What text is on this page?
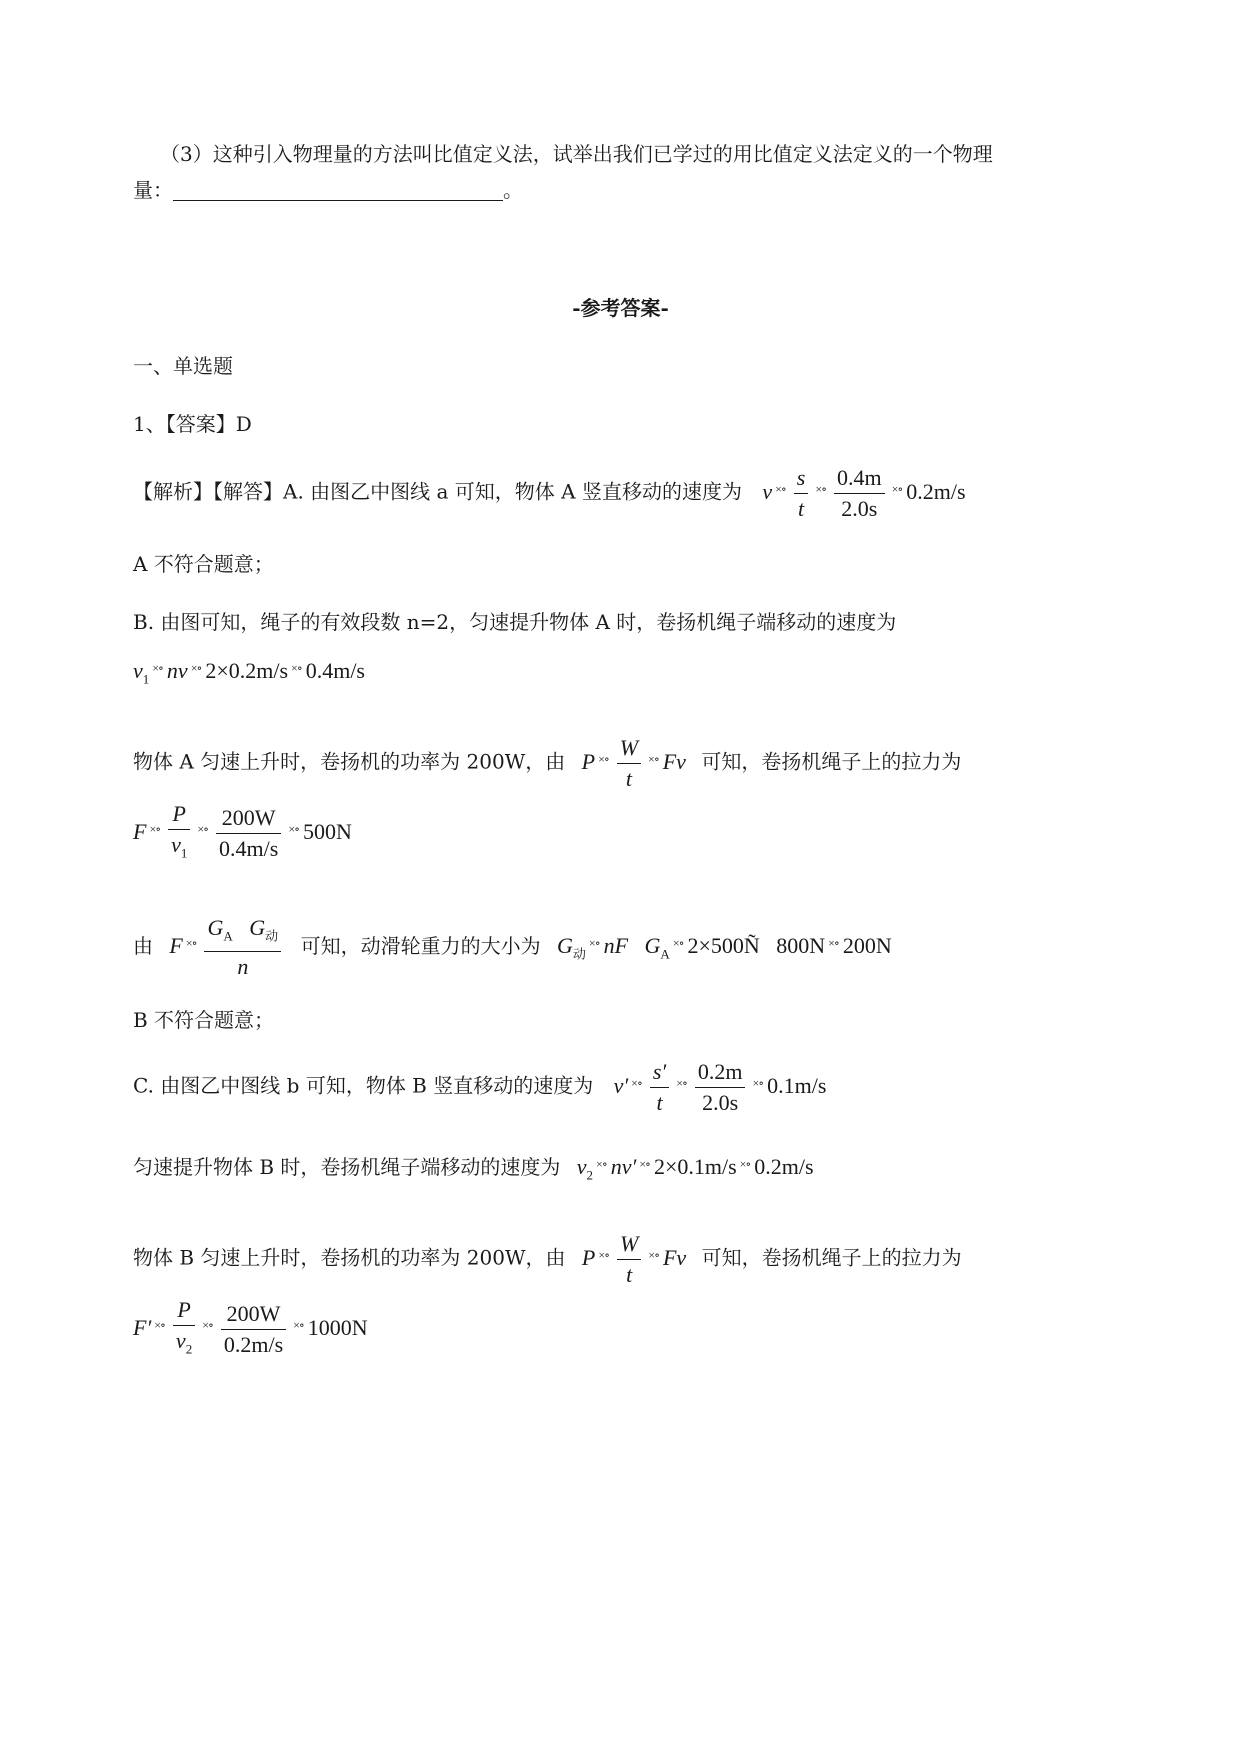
（3）这种引入物理量的方法叫比值定义法，试举出我们已学过的用比值定义法定义的一个物理
量：	。
-参考答案-
一、单选题
1、【答案】D
【解析】【解答】A. 由图乙中图线 a 可知，物体 A 竖直移动的速度为 v $^{\times\circ} \frac{s}{t} ^{\times\circ} \frac{0.4m}{2.0s} ^{\times\circ}$ 0.2m/s
A 不符合题意；
B. 由图可知，绳子的有效段数 n=2，匀速提升物体 A 时，卷扬机绳子端移动的速度为
$v_1^{\times\circ}$ nv ×∘ 2×0.2m/s ×∘ 0.4m/s
物体 A 匀速上升时，卷扬机的功率为 200W，由 P $^{\times\circ} \frac{W}{t} ^{\times\circ}$ Fv 可知，卷扬机绳子上的拉力为
F $^{\times\circ} \frac{P}{v_1} ^{\times\circ} \frac{200W}{0.4m/s} ^{\times\circ}$ 500N
由 F $^{\times\circ} \frac{G_A G_动}{n}$ 可知，动滑轮重力的大小为 $G_动^{\times\circ}$ nF $G_A^{\times\circ}$ 2×500Ñ 800N ×∘ 200N
B 不符合题意；
C. 由图乙中图线 b 可知，物体 B 竖直移动的速度为 v′ $^{\times\circ} \frac{s'}{t} ^{\times\circ} \frac{0.2m}{2.0s} ^{\times\circ}$ 0.1m/s
匀速提升物体 B 时，卷扬机绳子端移动的速度为 $v_2^{\times\circ}$ nv′ ×∘ 2×0.1m/s ×∘ 0.2m/s
物体 B 匀速上升时，卷扬机的功率为 200W，由 P $^{\times\circ} \frac{W}{t} ^{\times\circ}$ Fv 可知，卷扬机绳子上的拉力为
F′ $^{\times\circ} \frac{P}{v_2} ^{\times\circ} \frac{200W}{0.2m/s} ^{\times\circ}$ 1000N
